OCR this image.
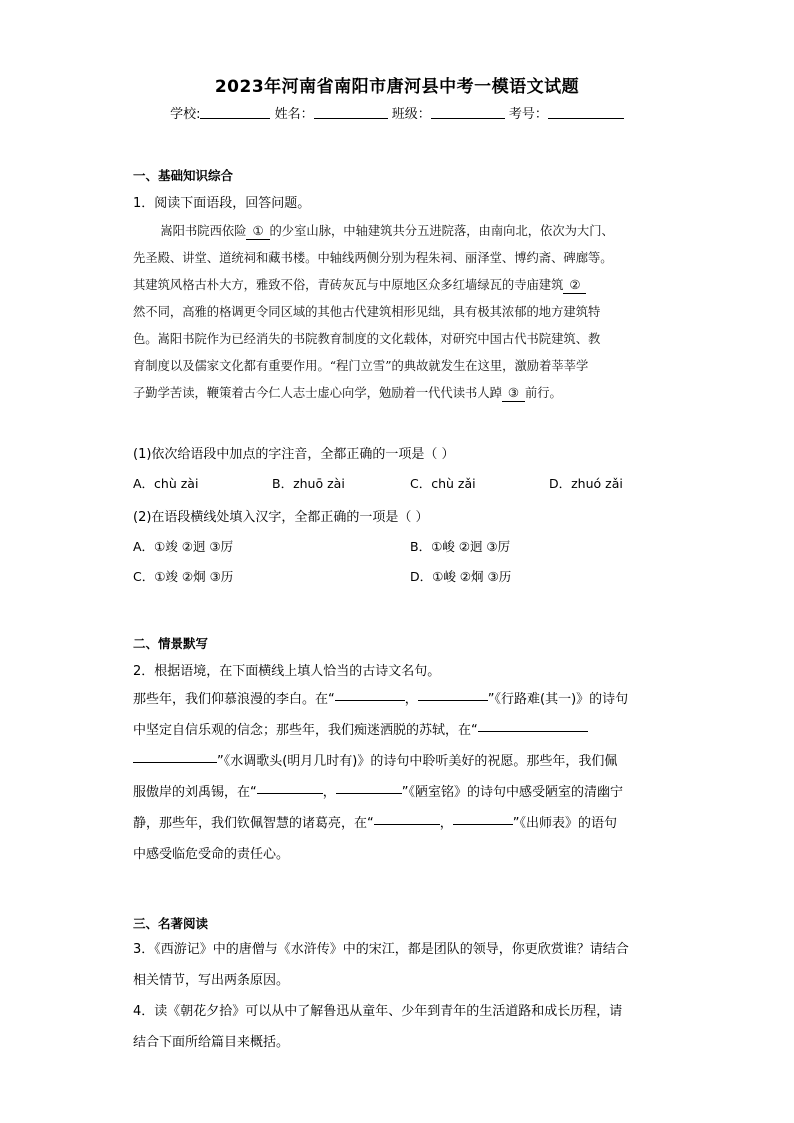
2023年河南省南阳市唐河县中考一模语文试题
学校:	姓名：	班级：	考号：
一、基础知识综合
1．阅读下面语段，回答问题。

嵩阳书院西依险 ① 的少室山脉，中轴建筑共分五进院落，由南向北，依次为大门、

先圣殿、讲堂、道统祠和藏书楼。中轴线两侧分别为程朱祠、丽泽堂、博约斋、碑廊等。

其建筑风格古朴大方，雅致不俗，青砖灰瓦与中原地区众多红墙绿瓦的寺庙建筑 ②

然不同，高雅的格调更令同区域的其他古代建筑相形见绌，具有极其浓郁的地方建筑特

色。嵩阳书院作为已经消失的书院教育制度的文化载体，对研究中国古代书院建筑、教

育制度以及儒家文化都有重要作用。“程门立雪”的典故就发生在这里，激励着莘莘学

子勤学苦读，鞭策着古今仁人志士虚心向学，勉励着一代代读书人踔 ③ 前行。

(1)依次给语段中加点的字注音，全都正确的一项是（ ）
A．chù zài	B．zhuō zài	C．chù zǎi	D．zhuó zǎi
(2)在语段横线处填入汉字，全都正确的一项是（ ）
A．①竣 ②迥 ③厉	B．①峻 ②迥 ③厉
C．①竣 ②炯 ③历	D．①峻 ②炯 ③历
二、情景默写
2．根据语境，在下面横线上填人恰当的古诗文名句。

那些年，我们仰慕浪漫的李白。在“	，	”《行路难(其一)》的诗句

中坚定自信乐观的信念；那些年，我们痴迷洒脱的苏轼，在“

”《水调歌头(明月几时有)》的诗句中聆听美好的祝愿。那些年，我们佩

服傲岸的刘禹锡，在“	，	”《陋室铭》的诗句中感受陋室的清幽宁

静，那些年，我们钦佩智慧的诸葛亮，在“	，	”《出师表》的语句

中感受临危受命的责任心。

三、名著阅读

3．《西游记》中的唐僧与《水浒传》中的宋江，都是团队的领导，你更欣赏谁？请结合

相关情节，写出两条原因。

4．读《朝花夕拾》可以从中了解鲁迅从童年、少年到青年的生活道路和成长历程，请

结合下面所给篇目来概括。
